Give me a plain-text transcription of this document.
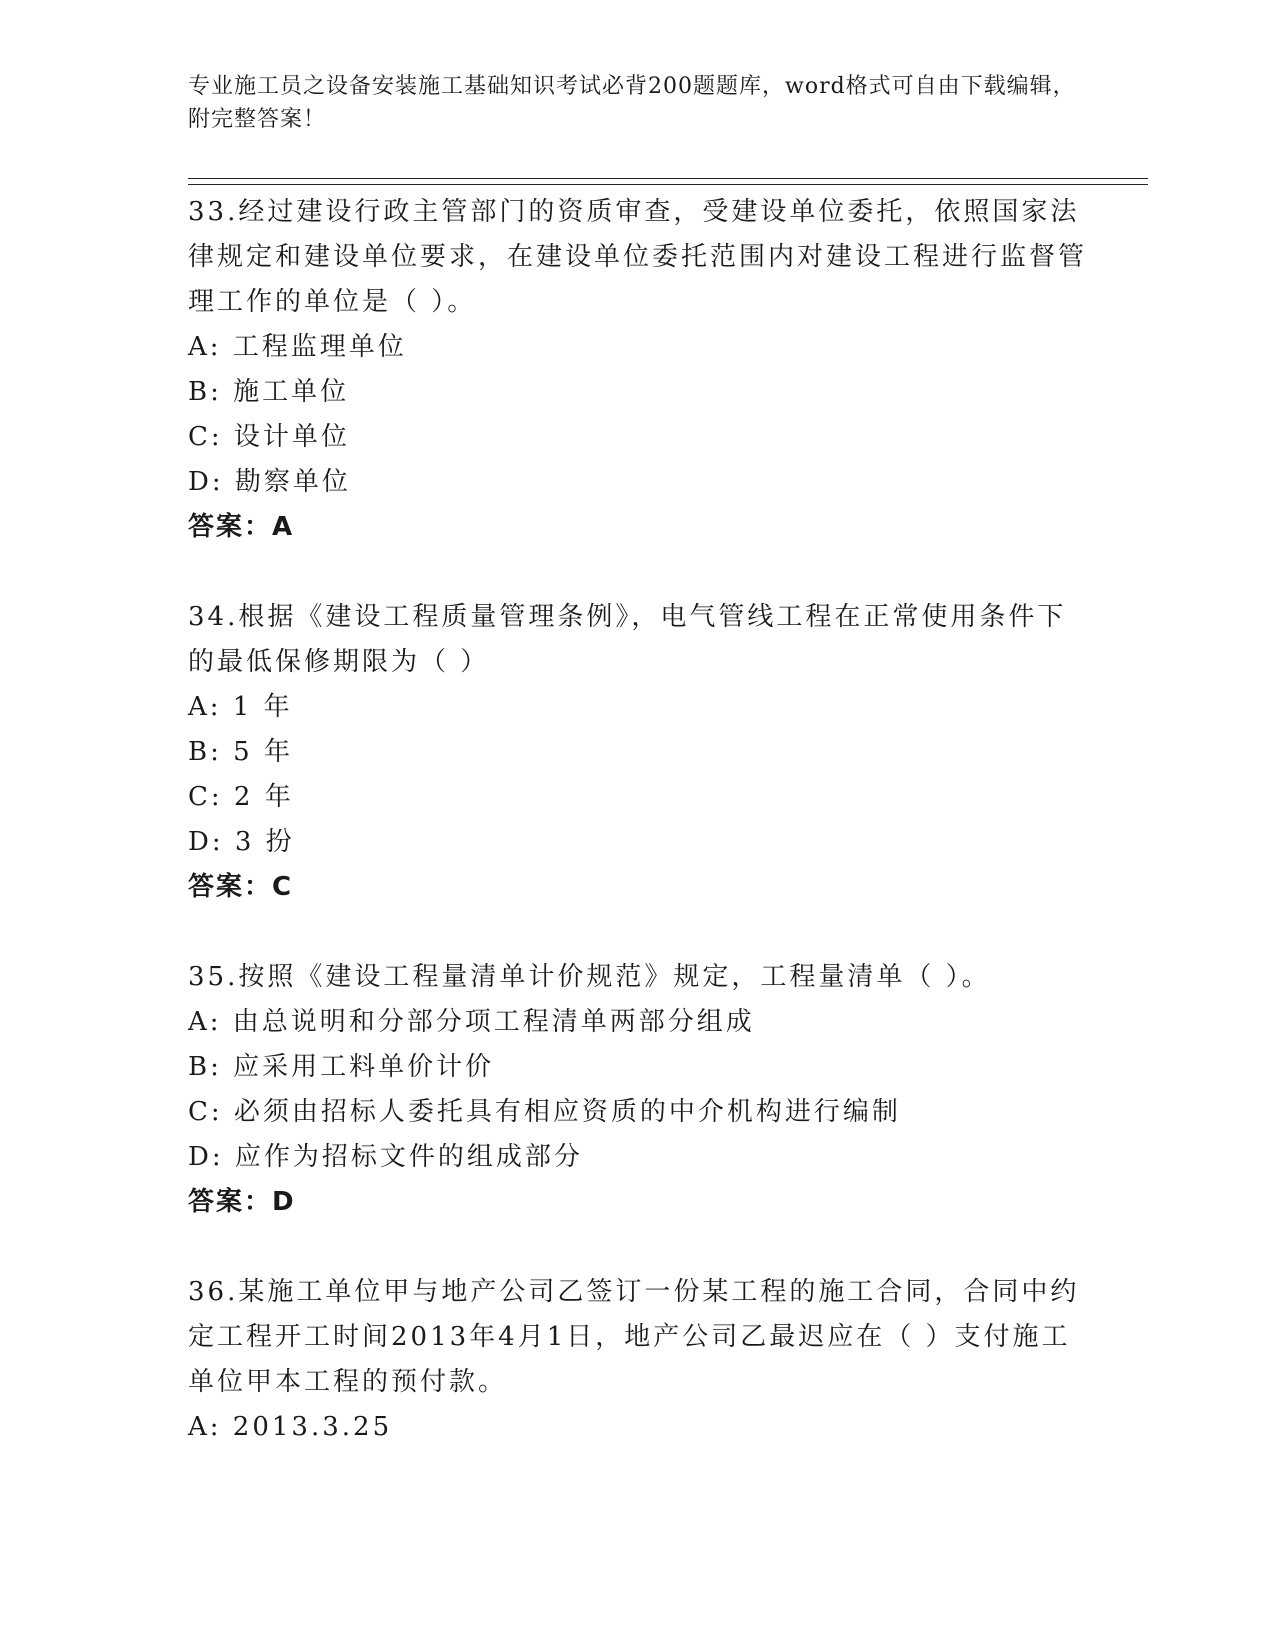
专业施工员之设备安装施工基础知识考试必背200题题库，word格式可自由下载编辑，附完整答案！

33.经过建设行政主管部门的资质审查，受建设单位委托，依照国家法律规定和建设单位要求，在建设单位委托范围内对建设工程进行监督管理工作的单位是（ ）。

A: 工程监理单位

B: 施工单位

C: 设计单位

D: 勘察单位

答案：A

34.根据《建设工程质量管理条例》，电气管线工程在正常使用条件下的最低保修期限为（ ）

A: 1 年

B: 5 年

C: 2 年

D: 3 扮

答案：C

35.按照《建设工程量清单计价规范》规定，工程量清单（ ）。

A: 由总说明和分部分项工程清单两部分组成

B: 应采用工料单价计价

C: 必须由招标人委托具有相应资质的中介机构进行编制

D: 应作为招标文件的组成部分

答案：D

36.某施工单位甲与地产公司乙签订一份某工程的施工合同，合同中约定工程开工时间2013年4月1日，地产公司乙最迟应在（ ）支付施工单位甲本工程的预付款。

A: 2013.3.25
